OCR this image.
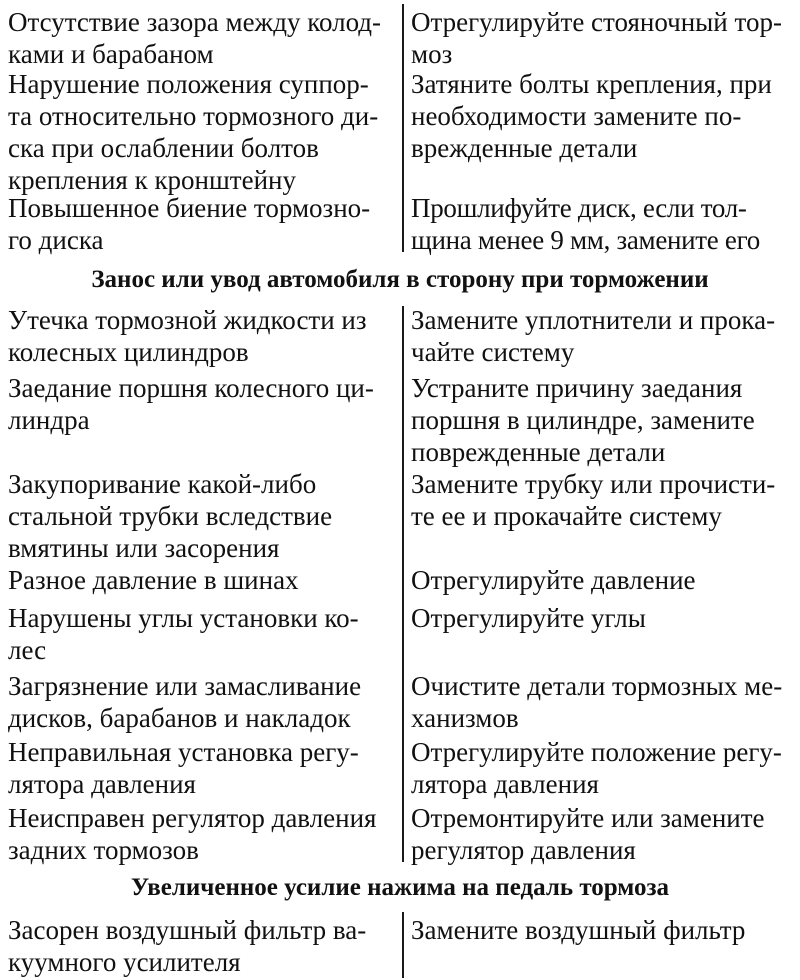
Отсутствие зазора между колод-
ками и барабаном
Отрегулируйте стояночный тор-
моз
Нарушение положения суппор-
та относительно тормозного ди-
ска при ослаблении болтов
крепления к кронштейну
Затяните болты крепления, при
необходимости замените по-
врежденные детали
Повышенное биение тормозно-
го диска
Прошлифуйте диск, если тол-
щина менее 9 мм, замените его
Занос или увод автомобиля в сторону при торможении
Утечка тормозной жидкости из
колесных цилиндров
Замените уплотнители и прока-
чайте систему
Заедание поршня колесного ци-
линдра
Устраните причину заедания
поршня в цилиндре, замените
поврежденные детали
Закупоривание какой-либо
стальной трубки вследствие
вмятины или засорения
Замените трубку или прочисти-
те ее и прокачайте систему
Разное давление в шинах	Отрегулируйте давление
Нарушены углы установки ко-
лес
Отрегулируйте углы
Загрязнение или замасливание
дисков, барабанов и накладок
Очистите детали тормозных ме-
ханизмов
Неправильная установка регу-
лятора давления
Отрегулируйте положение регу-
лятора давления
Неисправен регулятор давления
задних тормозов
Отремонтируйте или замените
регулятор давления
Увеличенное усилие нажима на педаль тормоза
Засорен воздушный фильтр ва-
куумного усилителя
Замените воздушный фильтр
